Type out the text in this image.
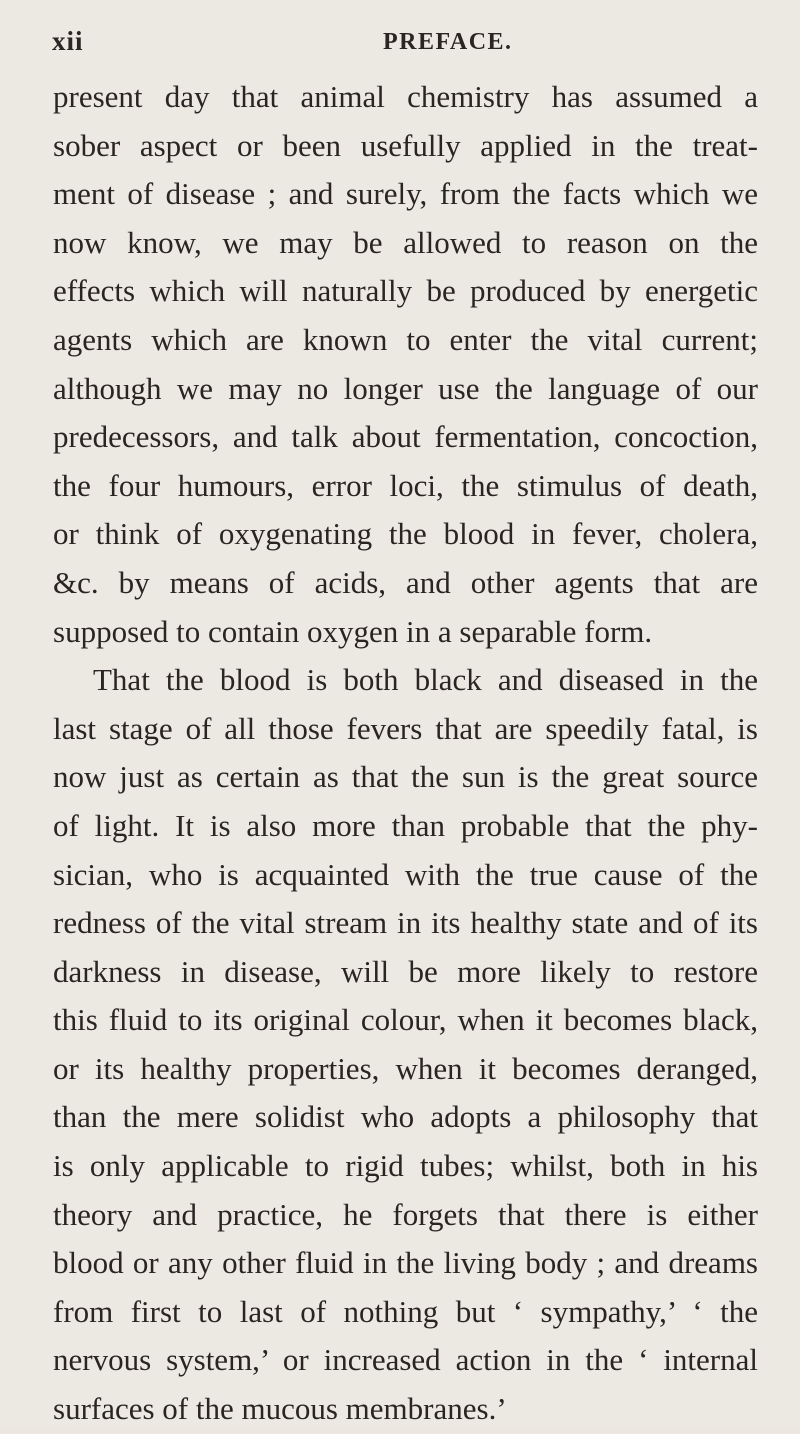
xii	PREFACE.
present day that animal chemistry has assumed a
sober aspect or been usefully applied in the treat-
ment of disease ; and surely, from the facts which we
now know, we may be allowed to reason on the
effects which will naturally be produced by energetic
agents which are known to enter the vital current;
although we may no longer use the language of our
predecessors, and talk about fermentation, concoction,
the four humours, error loci, the stimulus of death,
or think of oxygenating the blood in fever, cholera,
&c. by means of acids, and other agents that are
supposed to contain oxygen in a separable form.
That the blood is both black and diseased in the
last stage of all those fevers that are speedily fatal, is
now just as certain as that the sun is the great source
of light. It is also more than probable that the phy-
sician, who is acquainted with the true cause of the
redness of the vital stream in its healthy state and of its
darkness in disease, will be more likely to restore
this fluid to its original colour, when it becomes black,
or its healthy properties, when it becomes deranged,
than the mere solidist who adopts a philosophy that
is only applicable to rigid tubes; whilst, both in his
theory and practice, he forgets that there is either
blood or any other fluid in the living body ; and dreams
from first to last of nothing but ‘ sympathy,’ ‘ the
nervous system,’ or increased action in the ‘ internal
surfaces of the mucous membranes.’
